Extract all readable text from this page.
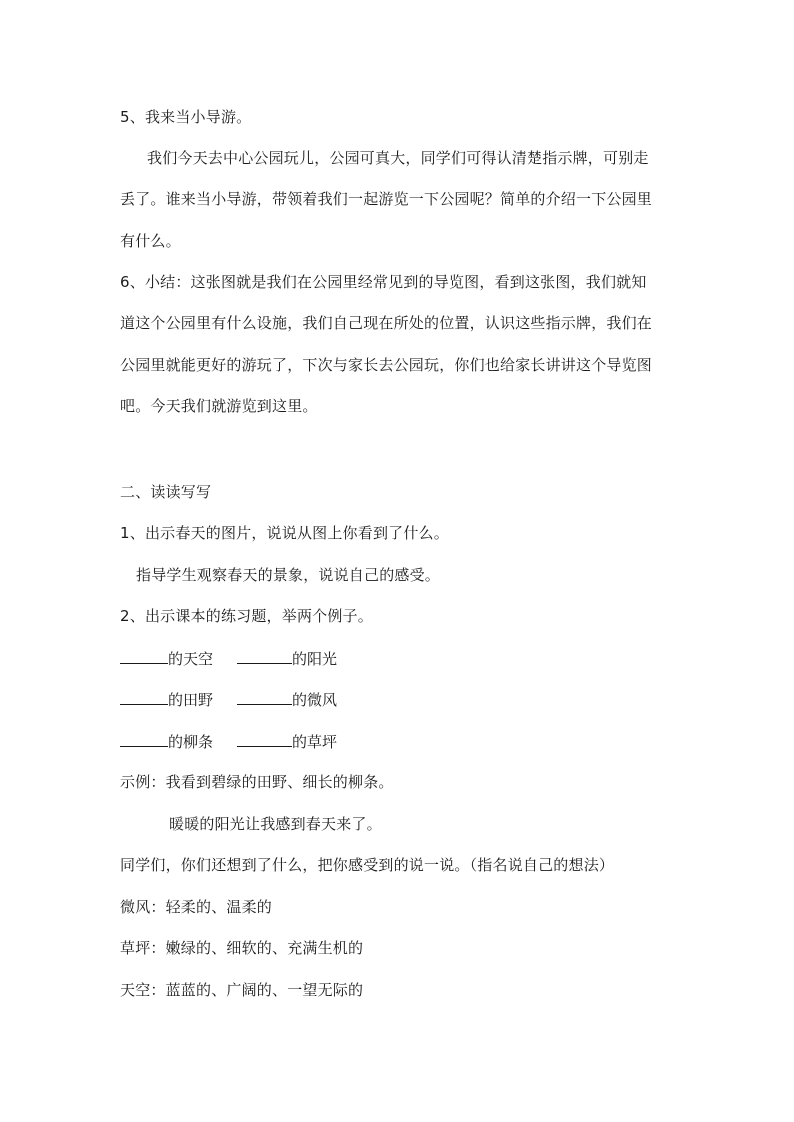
5、我来当小导游。
我们今天去中心公园玩儿，公园可真大，同学们可得认清楚指示牌，可别走
丢了。谁来当小导游，带领着我们一起游览一下公园呢？简单的介绍一下公园里
有什么。
6、小结：这张图就是我们在公园里经常见到的导览图，看到这张图，我们就知
道这个公园里有什么设施，我们自己现在所处的位置，认识这些指示牌，我们在
公园里就能更好的游玩了，下次与家长去公园玩，你们也给家长讲讲这个导览图
吧。今天我们就游览到这里。
二、读读写写
1、出示春天的图片，说说从图上你看到了什么。
指导学生观察春天的景象，说说自己的感受。
2、出示课本的练习题，举两个例子。
的天空	的阳光
的田野	的微风
的柳条	的草坪
示例：我看到碧绿的田野、细长的柳条。
暖暖的阳光让我感到春天来了。
同学们，你们还想到了什么，把你感受到的说一说。（指名说自己的想法）
微风：轻柔的、温柔的
草坪：嫩绿的、细软的、充满生机的
天空：蓝蓝的、广阔的、一望无际的
